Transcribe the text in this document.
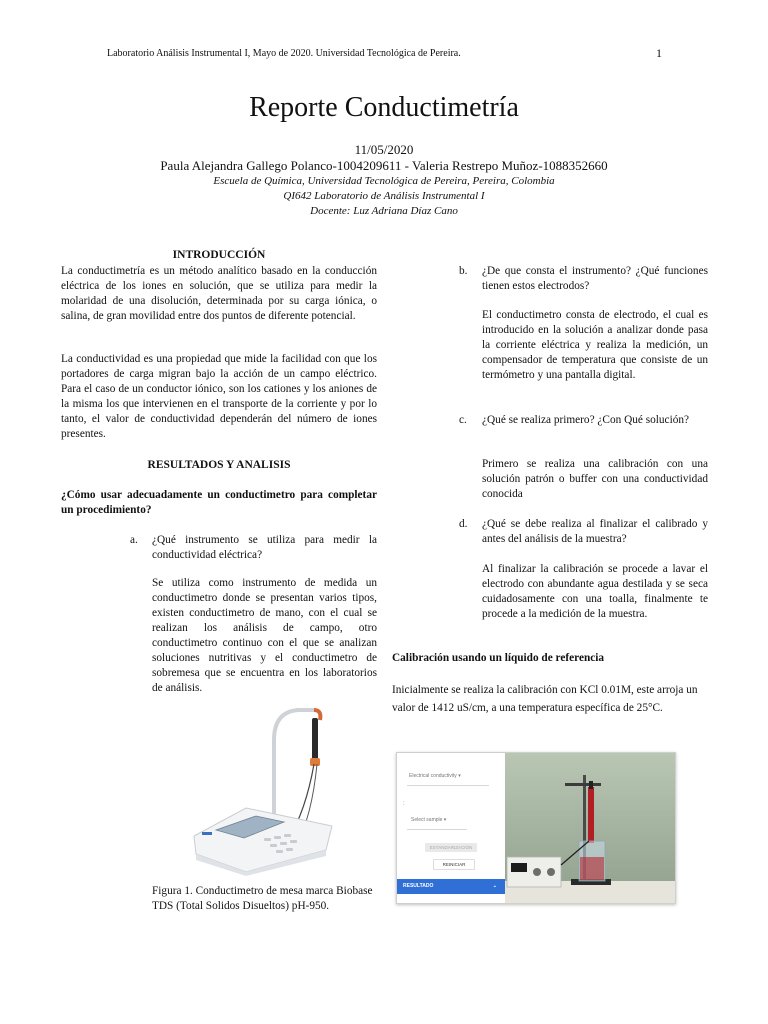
Laboratorio Análisis Instrumental I, Mayo de 2020. Universidad Tecnológica de Pereira.	1
Reporte Conductimetría
11/05/2020
Paula Alejandra Gallego Polanco-1004209611 - Valeria Restrepo Muñoz-1088352660
Escuela de Química, Universidad Tecnológica de Pereira, Pereira, Colombia
QI642 Laboratorio de Análisis Instrumental I
Docente: Luz Adriana Díaz Cano
INTRODUCCIÓN
La conductimetría es un método analítico basado en la conducción eléctrica de los iones en solución, que se utiliza para medir la molaridad de una disolución, determinada por su carga iónica, o salina, de gran movilidad entre dos puntos de diferente potencial.
La conductividad es una propiedad que mide la facilidad con que los portadores de carga migran bajo la acción de un campo eléctrico. Para el caso de un conductor iónico, son los cationes y los aniones de la misma los que intervienen en el transporte de la corriente y por lo tanto, el valor de conductividad dependerán del número de iones presentes.
RESULTADOS Y ANALISIS
¿Cómo usar adecuadamente un conductimetro para completar un procedimiento?
a. ¿Qué instrumento se utiliza para medir la conductividad eléctrica?
Se utiliza como instrumento de medida un conductimetro donde se presentan varios tipos, existen conductimetro de mano, con el cual se realizan los análisis de campo, otro conductimetro continuo con el que se analizan soluciones nutritivas y el conductimetro de sobremesa que se encuentra en los laboratorios de análisis.
Figura 1. Conductimetro de mesa marca Biobase TDS (Total Solidos Disueltos) pH-950.
b. ¿De que consta el instrumento? ¿Qué funciones tienen estos electrodos?
El conductimetro consta de electrodo, el cual es introducido en la solución a analizar donde pasa la corriente eléctrica y realiza la medición, un compensador de temperatura que consiste de un termómetro y una pantalla digital.
c. ¿Qué se realiza primero? ¿Con Qué solución?
Primero se realiza una calibración con una solución patrón o buffer con una conductividad conocida
d. ¿Qué se debe realiza al finalizar el calibrado y antes del análisis de la muestra?
Al finalizar la calibración se procede a lavar el electrodo con abundante agua destilada y se seca cuidadosamente con una toalla, finalmente te procede a la medición de la muestra.
Calibración usando un líquido de referencia
Inicialmente se realiza la calibración con KCl 0.01M, este arroja un valor de 1412 uS/cm, a una temperatura específica de 25°C.
Electrical conductivity ▾
:
Select sample ▾
ESTANDARIZACIÓN
REINICIAR
RESULTADO	⌄
